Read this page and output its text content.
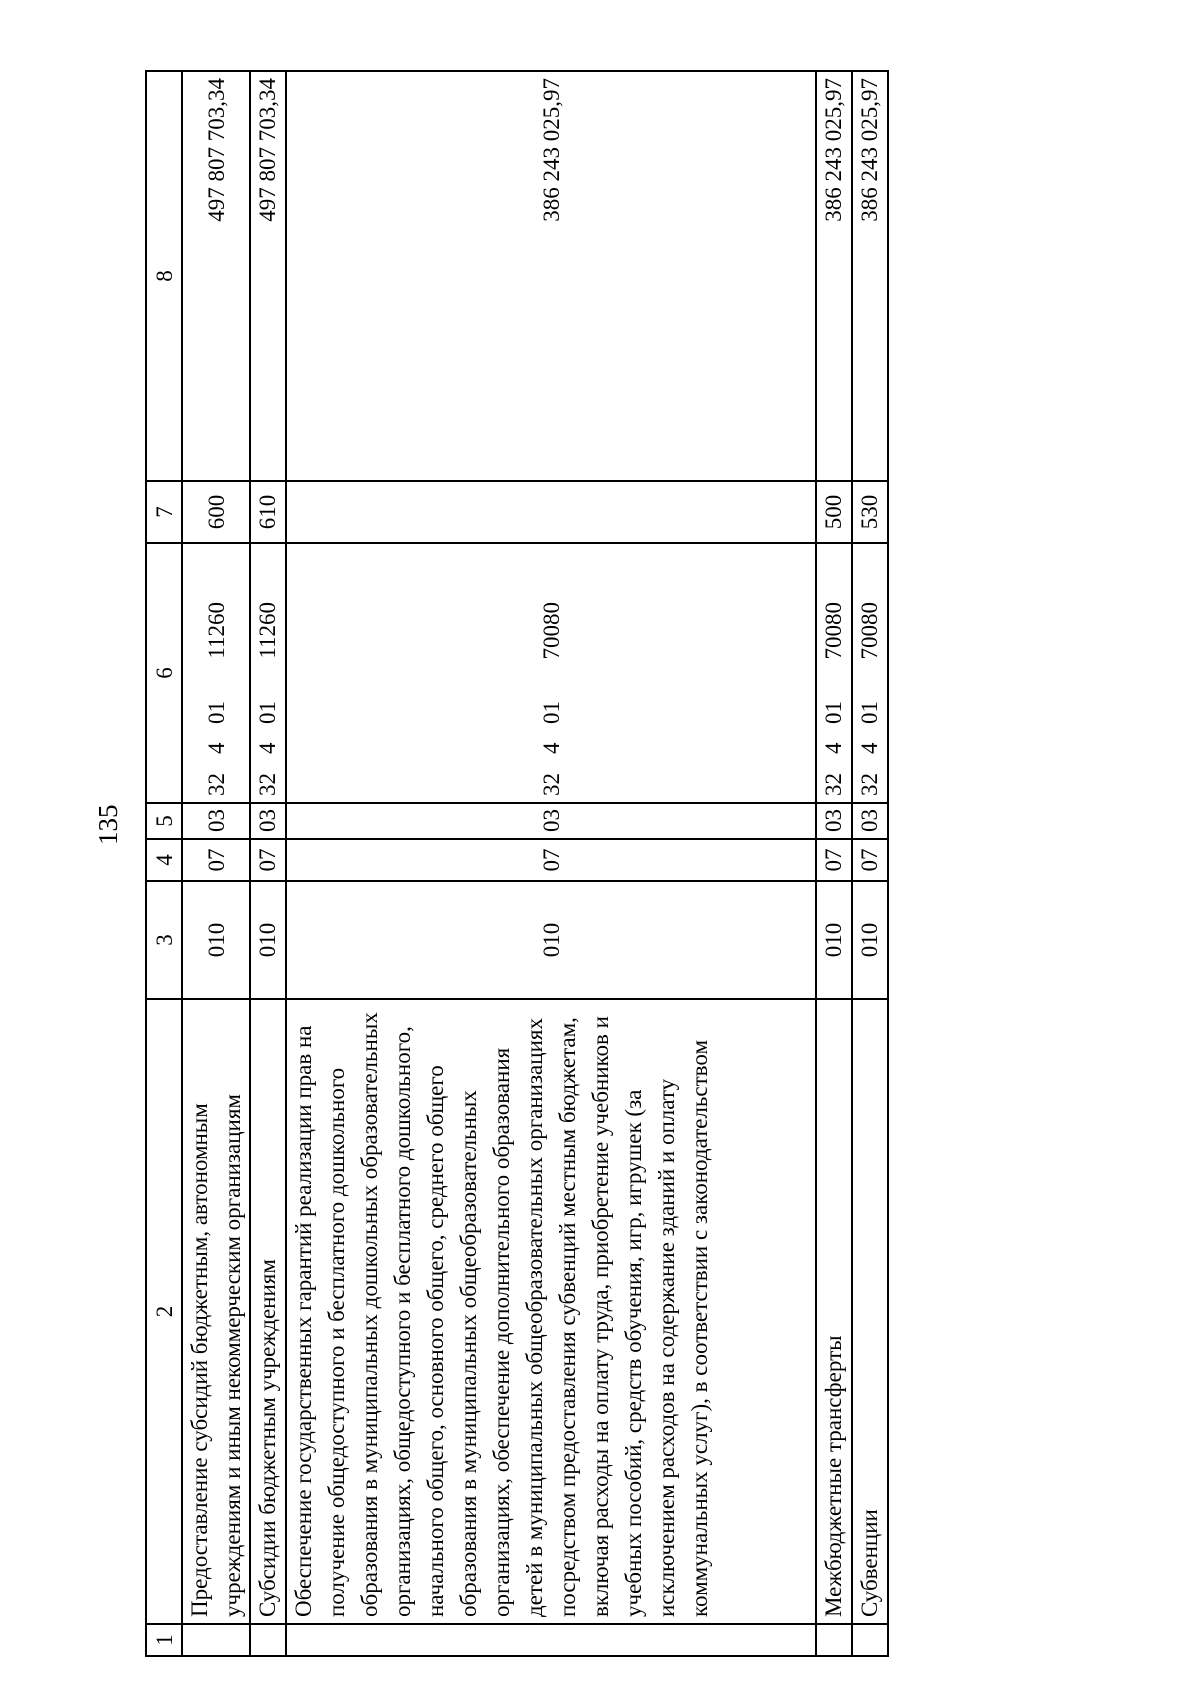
135
1	2	3	4	5	6	7	8
	Предоставление субсидий бюджетным, автономным учреждениям и иным некоммерческим организациям	010	07	03	3240111260	600	497 807 703,34
	Субсидии бюджетным учреждениям	010	07	03	3240111260	610	497 807 703,34
	Обеспечение государственных гарантий реализации прав на получение общедоступного и бесплатного дошкольного образования в муниципальных дошкольных образовательных организациях, общедоступного и бесплатного дошкольного, начального общего, основного общего, среднего общего образования в муниципальных общеобразовательных организациях, обеспечение дополнительного образования детей в муниципальных общеобразовательных организациях посредством предоставления субвенций местным бюджетам, включая расходы на оплату труда, приобретение учебников и учебных пособий, средств обучения, игр, игрушек (за исключением расходов на содержание зданий и оплату коммунальных услуг), в соответствии с законодательством	010	07	03	3240170080		386 243 025,97
	Межбюджетные трансферты	010	07	03	3240170080	500	386 243 025,97
	Субвенции	010	07	03	3240170080	530	386 243 025,97
